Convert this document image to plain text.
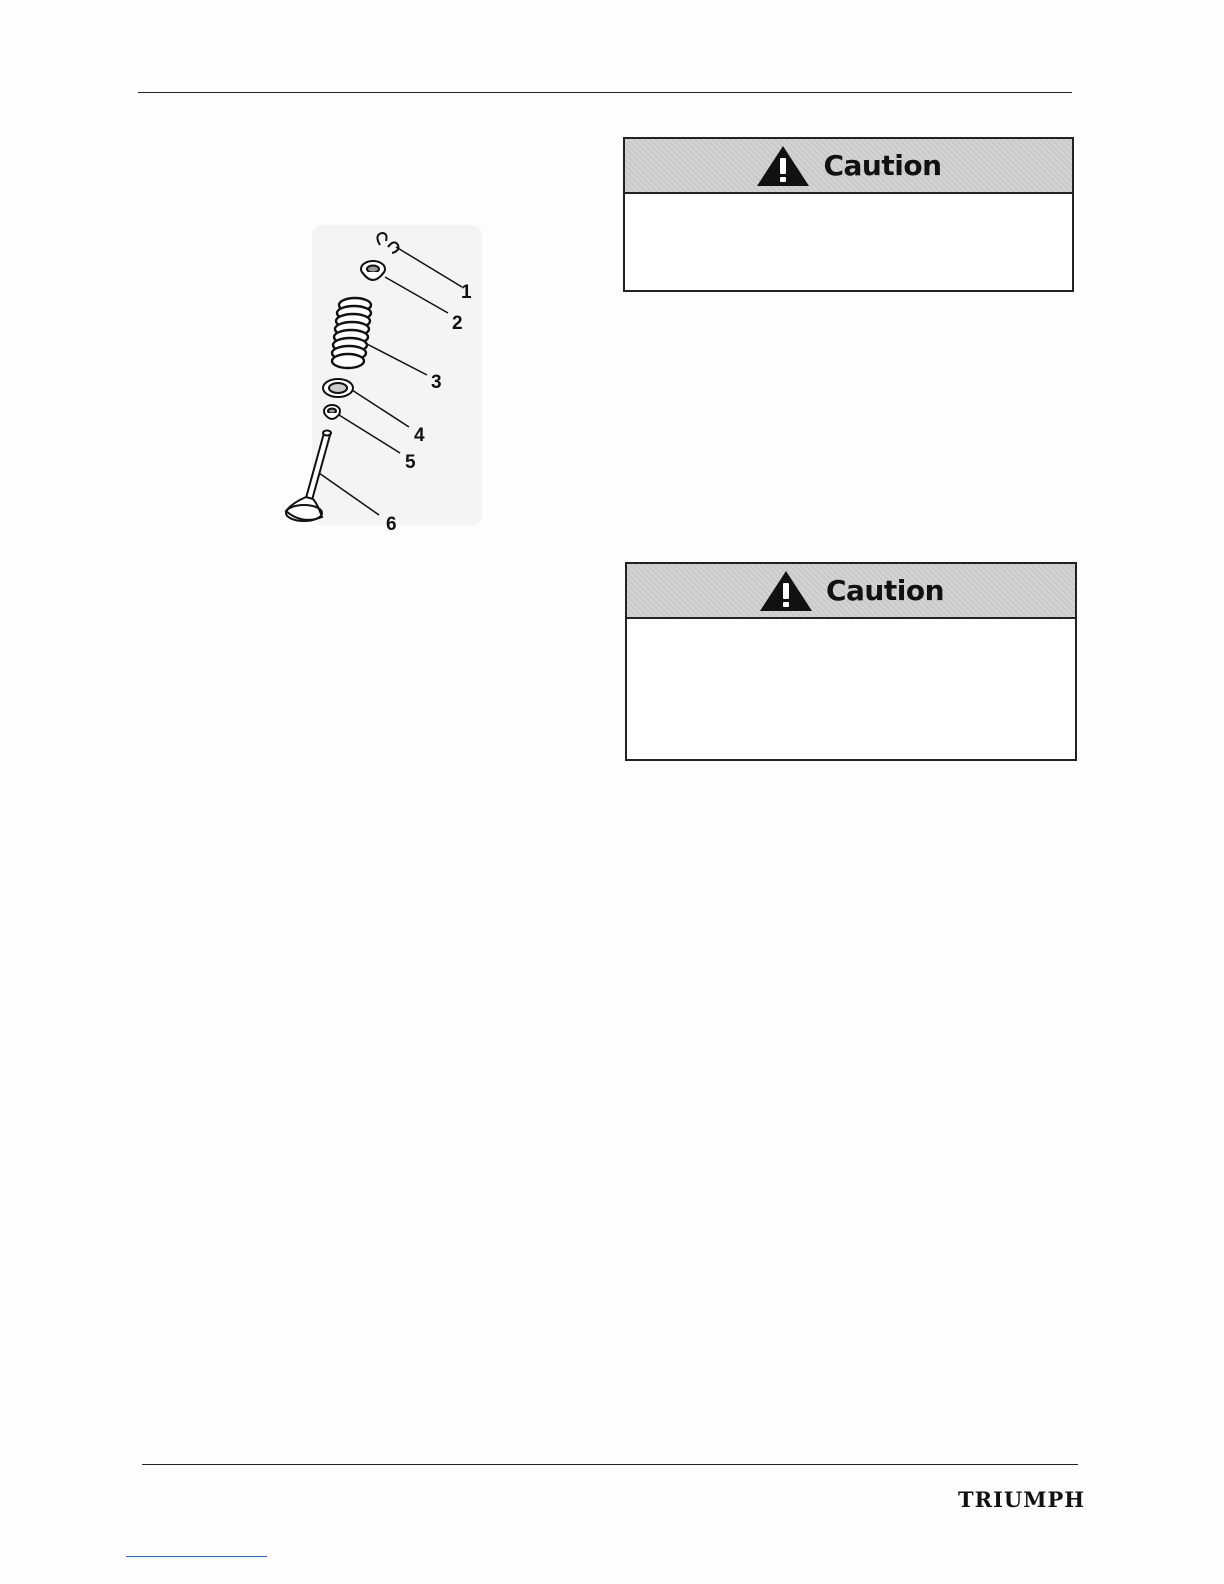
1
2
3
4
5
6
Caution
Caution
TRIUMPH
